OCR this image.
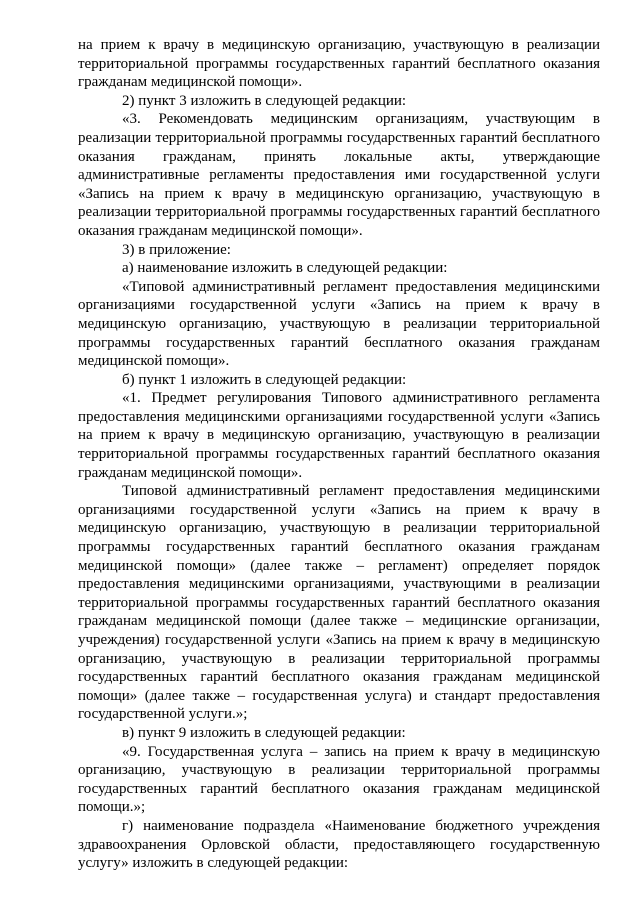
на прием к врачу в медицинскую организацию, участвующую в реализации территориальной программы государственных гарантий бесплатного оказания гражданам медицинской помощи».

2) пункт 3 изложить в следующей редакции:

«3. Рекомендовать медицинским организациям, участвующим в реализации территориальной программы государственных гарантий бесплатного оказания гражданам, принять локальные акты, утверждающие административные регламенты предоставления ими государственной услуги «Запись на прием к врачу в медицинскую организацию, участвующую в реализации территориальной программы государственных гарантий бесплатного оказания гражданам медицинской помощи».

3) в приложение:

а) наименование изложить в следующей редакции:

«Типовой административный регламент предоставления медицинскими организациями государственной услуги «Запись на прием к врачу в медицинскую организацию, участвующую в реализации территориальной программы государственных гарантий бесплатного оказания гражданам медицинской помощи».

б) пункт 1 изложить в следующей редакции:

«1. Предмет регулирования Типового административного регламента предоставления медицинскими организациями государственной услуги «Запись на прием к врачу в медицинскую организацию, участвующую в реализации территориальной программы государственных гарантий бесплатного оказания гражданам медицинской помощи».

Типовой административный регламент предоставления медицинскими организациями государственной услуги «Запись на прием к врачу в медицинскую организацию, участвующую в реализации территориальной программы государственных гарантий бесплатного оказания гражданам медицинской помощи» (далее также – регламент) определяет порядок предоставления медицинскими организациями, участвующими в реализации территориальной программы государственных гарантий бесплатного оказания гражданам медицинской помощи (далее также – медицинские организации, учреждения) государственной услуги «Запись на прием к врачу в медицинскую организацию, участвующую в реализации территориальной программы государственных гарантий бесплатного оказания гражданам медицинской помощи» (далее также – государственная услуга) и стандарт предоставления государственной услуги.»;

в) пункт 9 изложить в следующей редакции:

«9. Государственная услуга – запись на прием к врачу в медицинскую организацию, участвующую в реализации территориальной программы государственных гарантий бесплатного оказания гражданам медицинской помощи.»;

г) наименование подраздела «Наименование бюджетного учреждения здравоохранения Орловской области, предоставляющего государственную услугу» изложить в следующей редакции:
